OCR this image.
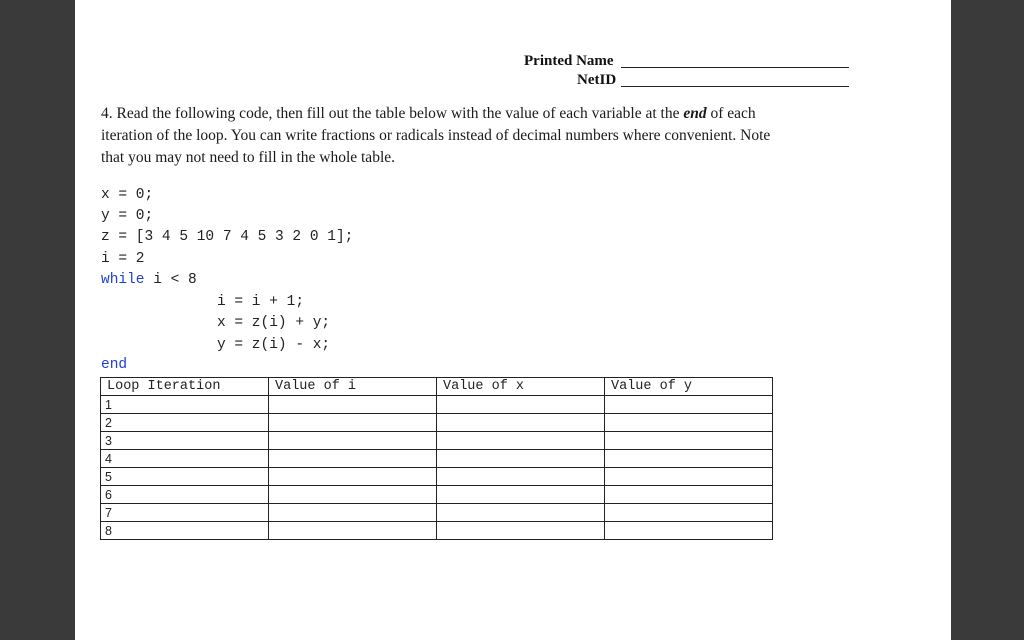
Printed Name
NetID
4. Read the following code, then fill out the table below with the value of each variable at the end of each iteration of the loop. You can write fractions or radicals instead of decimal numbers where convenient. Note that you may not need to fill in the whole table.
x = 0;
y = 0;
z = [3 4 5 10 7 4 5 3 2 0 1];
i = 2
while i < 8
i = i + 1;
x = z(i) + y;
y = z(i) - x;
end
Loop Iteration	Value of i	Value of x	Value of y
1			
2			
3			
4			
5			
6			
7			
8			
